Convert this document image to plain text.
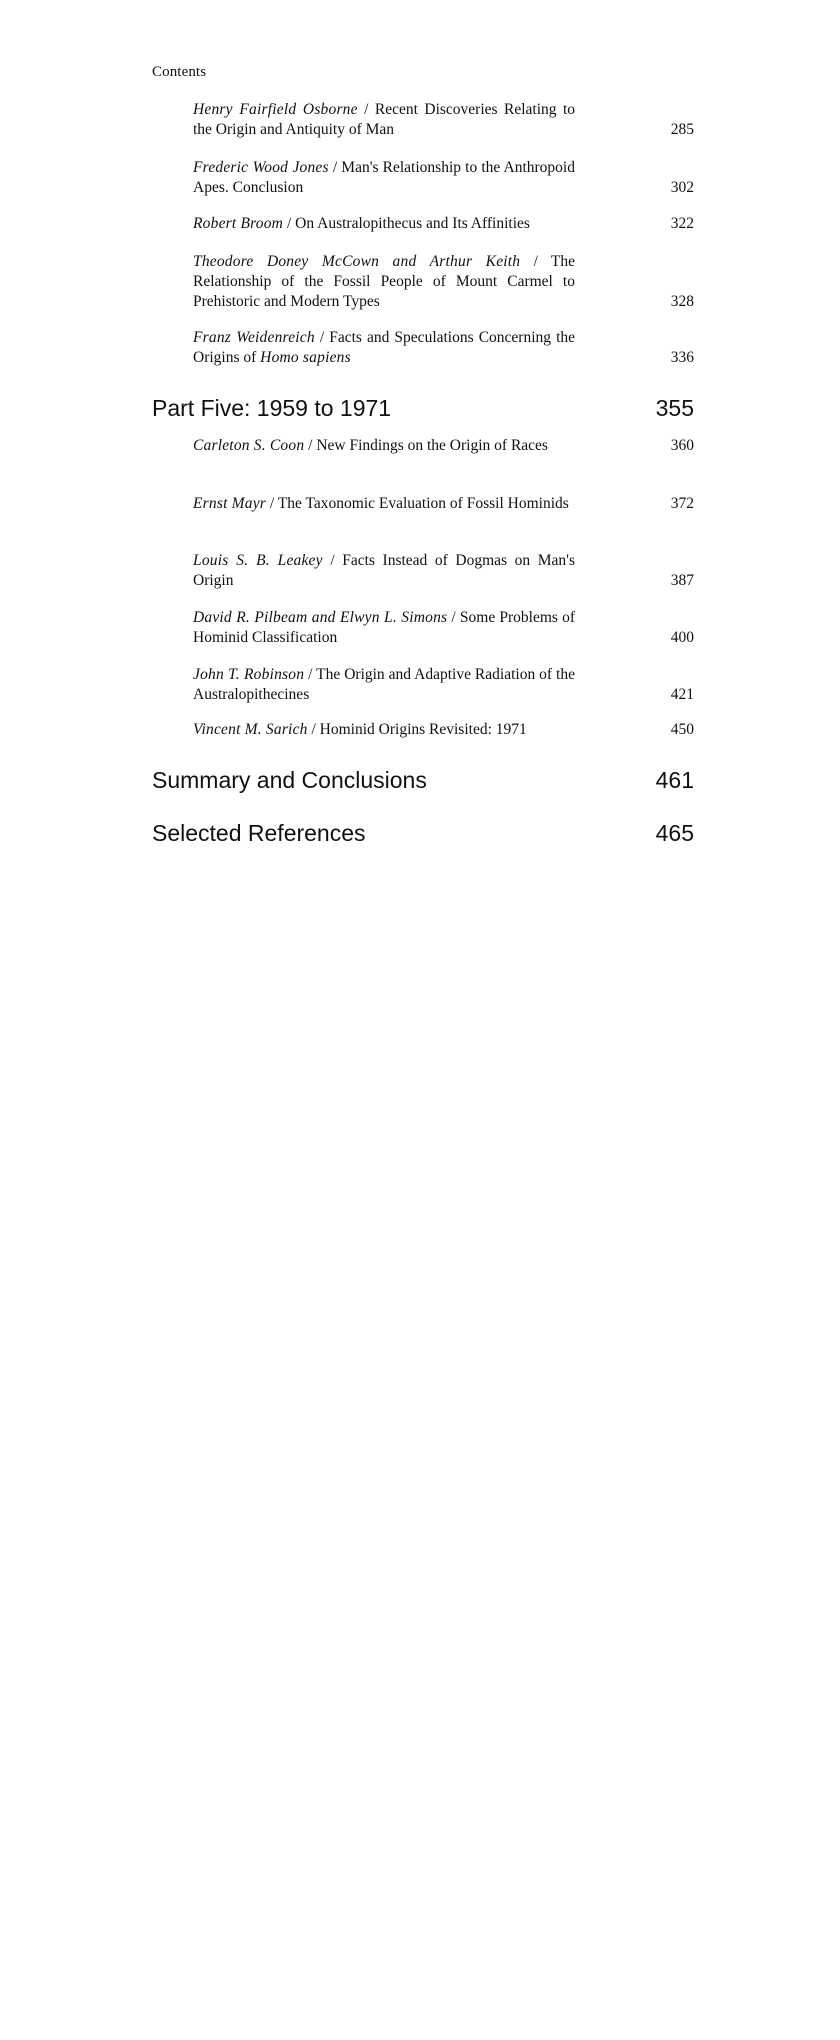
Contents
Henry Fairfield Osborne / Recent Discoveries Relating to the Origin and Antiquity of Man	285
Frederic Wood Jones / Man's Relationship to the Anthropoid Apes. Conclusion	302
Robert Broom / On Australopithecus and Its Affinities	322
Theodore Doney McCown and Arthur Keith / The Relationship of the Fossil People of Mount Carmel to Prehistoric and Modern Types	328
Franz Weidenreich / Facts and Speculations Concerning the Origins of Homo sapiens	336
Part Five: 1959 to 1971	355
Carleton S. Coon / New Findings on the Origin of Races	360
Ernst Mayr / The Taxonomic Evaluation of Fossil Hominids	372
Louis S. B. Leakey / Facts Instead of Dogmas on Man's Origin	387
David R. Pilbeam and Elwyn L. Simons / Some Problems of Hominid Classification	400
John T. Robinson / The Origin and Adaptive Radiation of the Australopithecines	421
Vincent M. Sarich / Hominid Origins Revisited: 1971	450
Summary and Conclusions	461
Selected References	465
